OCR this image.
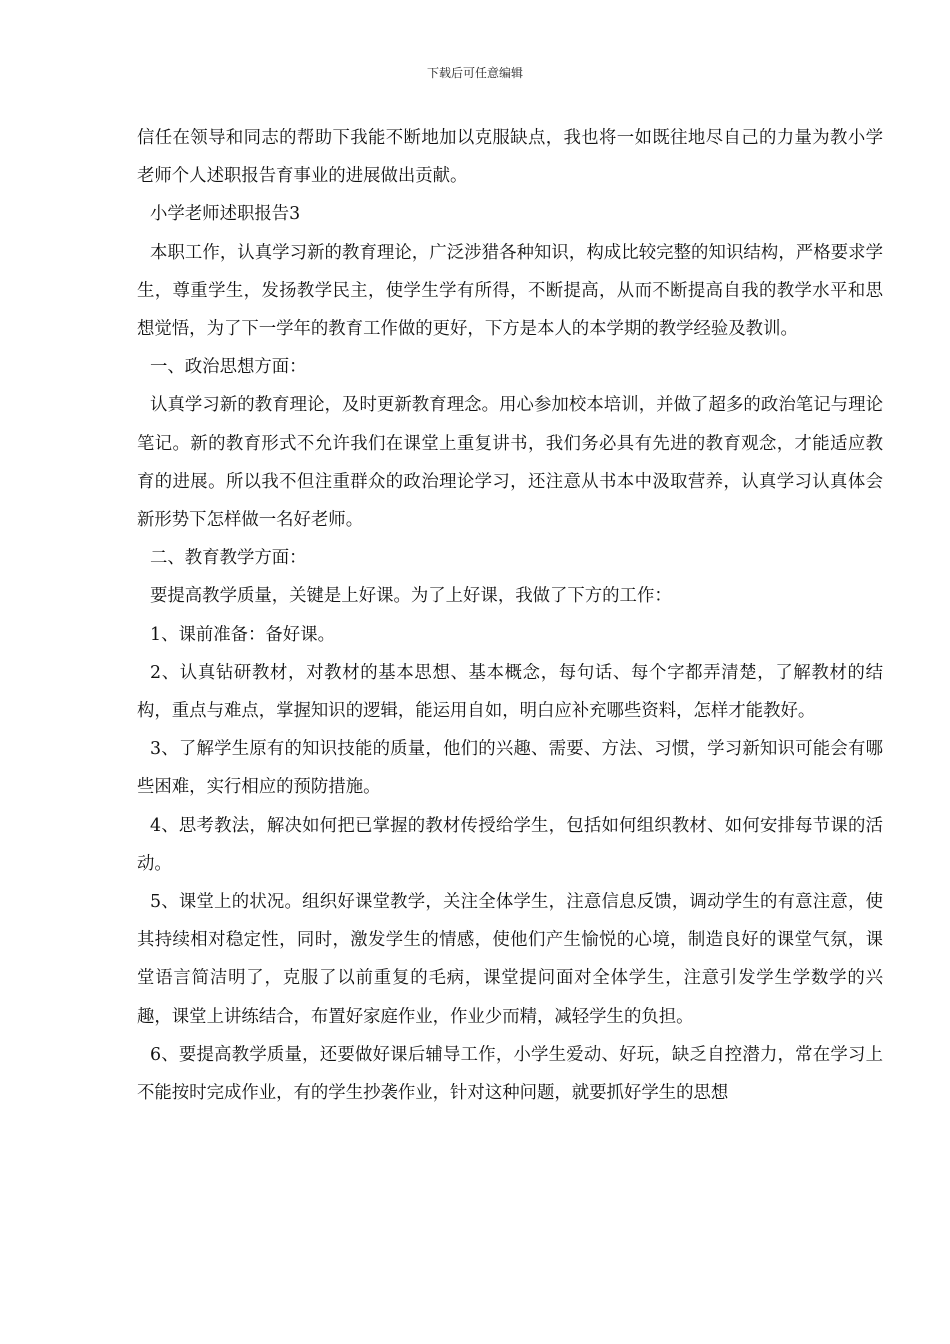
下载后可任意编辑

信任在领导和同志的帮助下我能不断地加以克服缺点，我也将一如既往地尽自己的力量为教小学老师个人述职报告育事业的进展做出贡献。

小学老师述职报告3

本职工作，认真学习新的教育理论，广泛涉猎各种知识，构成比较完整的知识结构，严格要求学生，尊重学生，发扬教学民主，使学生学有所得，不断提高，从而不断提高自我的教学水平和思想觉悟，为了下一学年的教育工作做的更好，下方是本人的本学期的教学经验及教训。

一、政治思想方面：

认真学习新的教育理论，及时更新教育理念。用心参加校本培训，并做了超多的政治笔记与理论笔记。新的教育形式不允许我们在课堂上重复讲书，我们务必具有先进的教育观念，才能适应教育的进展。所以我不但注重群众的政治理论学习，还注意从书本中汲取营养，认真学习认真体会新形势下怎样做一名好老师。

二、教育教学方面：

要提高教学质量，关键是上好课。为了上好课，我做了下方的工作：

1、课前准备：备好课。

2、认真钻研教材，对教材的基本思想、基本概念，每句话、每个字都弄清楚，了解教材的结构，重点与难点，掌握知识的逻辑，能运用自如，明白应补充哪些资料，怎样才能教好。

3、了解学生原有的知识技能的质量，他们的兴趣、需要、方法、习惯，学习新知识可能会有哪些困难，实行相应的预防措施。

4、思考教法，解决如何把已掌握的教材传授给学生，包括如何组织教材、如何安排每节课的活动。

5、课堂上的状况。组织好课堂教学，关注全体学生，注意信息反馈，调动学生的有意注意，使其持续相对稳定性，同时，激发学生的情感，使他们产生愉悦的心境，制造良好的课堂气氛，课堂语言简洁明了，克服了以前重复的毛病，课堂提问面对全体学生，注意引发学生学数学的兴趣，课堂上讲练结合，布置好家庭作业，作业少而精，减轻学生的负担。

6、要提高教学质量，还要做好课后辅导工作，小学生爱动、好玩，缺乏自控潜力，常在学习上不能按时完成作业，有的学生抄袭作业，针对这种问题，就要抓好学生的思想
